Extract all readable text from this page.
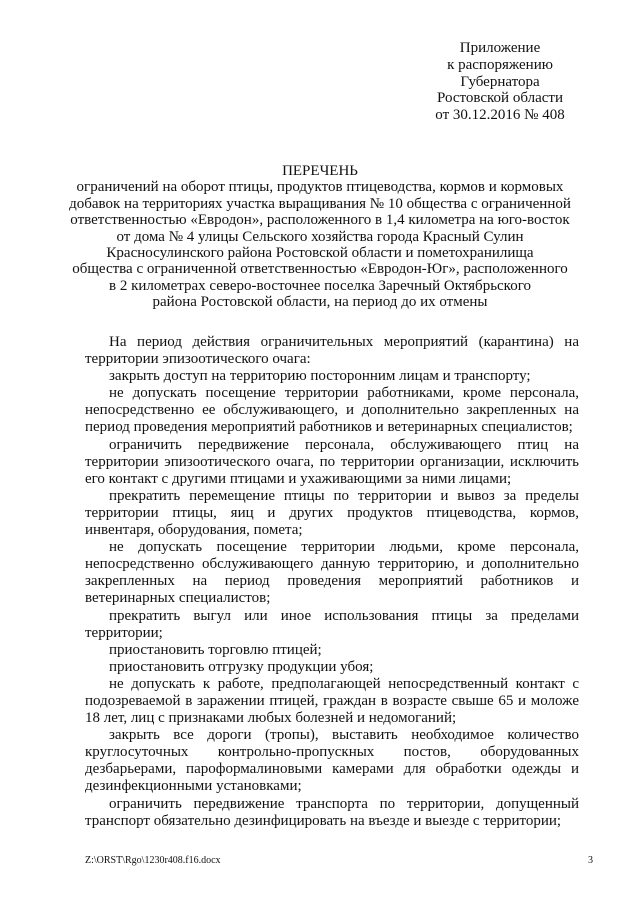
Приложение
к распоряжению
Губернатора
Ростовской области
от 30.12.2016 № 408
ПЕРЕЧЕНЬ
ограничений на оборот птицы, продуктов птицеводства, кормов и кормовых
добавок на территориях участка выращивания № 10 общества с ограниченной
ответственностью «Евродон», расположенного в 1,4 километра на юго-восток
от дома № 4 улицы Сельского хозяйства города Красный Сулин
Красносулинского района Ростовской области и пометохранилища
общества с ограниченной ответственностью «Евродон-Юг», расположенного
в 2 километрах северо-восточнее поселка Заречный Октябрьского
района Ростовской области, на период до их отмены

На период действия ограничительных мероприятий (карантина) на территории эпизоотического очага:

закрыть доступ на территорию посторонним лицам и транспорту;

не допускать посещение территории работниками, кроме персонала, непосредственно ее обслуживающего, и дополнительно закрепленных на период проведения мероприятий работников и ветеринарных специалистов;

ограничить передвижение персонала, обслуживающего птиц на территории эпизоотического очага, по территории организации, исключить его контакт с другими птицами и ухаживающими за ними лицами;

прекратить перемещение птицы по территории и вывоз за пределы территории птицы, яиц и других продуктов птицеводства, кормов, инвентаря, оборудования, помета;

не допускать посещение территории людьми, кроме персонала, непосредственно обслуживающего данную территорию, и дополнительно закрепленных на период проведения мероприятий работников и ветеринарных специалистов;

прекратить выгул или иное использования птицы за пределами территории;

приостановить торговлю птицей;

приостановить отгрузку продукции убоя;

не допускать к работе, предполагающей непосредственный контакт с подозреваемой в заражении птицей, граждан в возрасте свыше 65 и моложе 18 лет, лиц с признаками любых болезней и недомоганий;

закрыть все дороги (тропы), выставить необходимое количество круглосуточных контрольно-пропускных постов, оборудованных дезбарьерами, пароформалиновыми камерами для обработки одежды и дезинфекционными установками;

ограничить передвижение транспорта по территории, допущенный транспорт обязательно дезинфицировать на въезде и выезде с территории;

Z:\ORST\Rgo\1230r408.f16.docx	3
